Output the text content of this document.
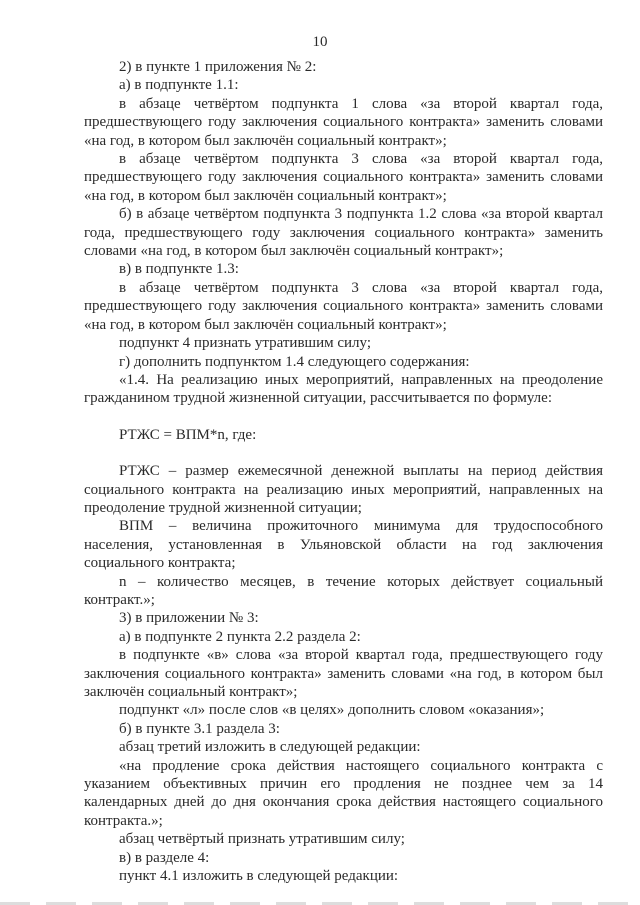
10

2) в пункте 1 приложения № 2:

а) в подпункте 1.1:

в абзаце четвёртом подпункта 1 слова «за второй квартал года, предшествующего году заключения социального контракта» заменить словами «на год, в котором был заключён социальный контракт»;

в абзаце четвёртом подпункта 3 слова «за второй квартал года, предшествующего году заключения социального контракта» заменить словами «на год, в котором был заключён социальный контракт»;

б) в абзаце четвёртом подпункта 3 подпункта 1.2 слова «за второй квартал года, предшествующего году заключения социального контракта» заменить словами «на год, в котором был заключён социальный контракт»;

в) в подпункте 1.3:

в абзаце четвёртом подпункта 3 слова «за второй квартал года, предшествующего году заключения социального контракта» заменить словами «на год, в котором был заключён социальный контракт»;

подпункт 4 признать утратившим силу;

г) дополнить подпунктом 1.4 следующего содержания:

«1.4. На реализацию иных мероприятий, направленных на преодоление гражданином трудной жизненной ситуации, рассчитывается по формуле:

РТЖС = ВПМ*n, где:

РТЖС – размер ежемесячной денежной выплаты на период действия социального контракта на реализацию иных мероприятий, направленных на преодоление трудной жизненной ситуации;

ВПМ – величина прожиточного минимума для трудоспособного населения, установленная в Ульяновской области на год заключения социального контракта;

n – количество месяцев, в течение которых действует социальный контракт.»;

3) в приложении № 3:

а) в подпункте 2 пункта 2.2 раздела 2:

в подпункте «в» слова «за второй квартал года, предшествующего году заключения социального контракта» заменить словами «на год, в котором был заключён социальный контракт»;

подпункт «л» после слов «в целях» дополнить словом «оказания»;

б) в пункте 3.1 раздела 3:

абзац третий изложить в следующей редакции:

«на продление срока действия настоящего социального контракта с указанием объективных причин его продления не позднее чем за 14 календарных дней до дня окончания срока действия настоящего социального контракта.»;

абзац четвёртый признать утратившим силу;

в) в разделе 4:

пункт 4.1 изложить в следующей редакции:
